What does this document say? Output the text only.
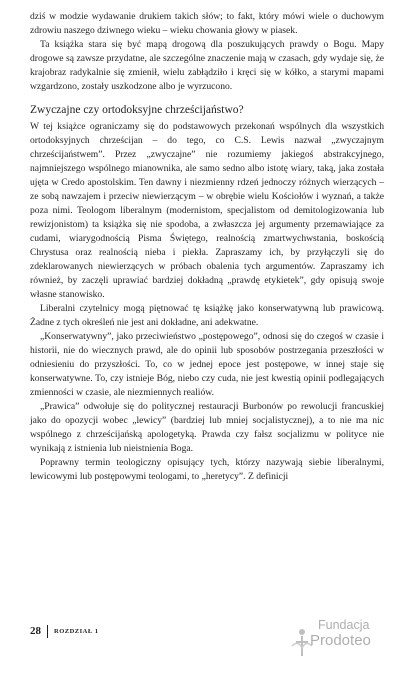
dziś w modzie wydawanie drukiem takich słów; to fakt, który mówi wiele o duchowym zdrowiu naszego dziwnego wieku – wieku chowania głowy w piasek.

Ta książka stara się być mapą drogową dla poszukujących prawdy o Bogu. Mapy drogowe są zawsze przydatne, ale szczególne znaczenie mają w czasach, gdy wydaje się, że krajobraz radykalnie się zmienił, wielu zabłądziło i kręci się w kółko, a starymi mapami wzgardzono, zostały uszkodzone albo je wyrzucono.

Zwyczajne czy ortodoksyjne chrześcijaństwo?

W tej książce ograniczamy się do podstawowych przekonań wspólnych dla wszystkich ortodoksyjnych chrześcijan – do tego, co C.S. Lewis nazwał „zwyczajnym chrześcijaństwem”. Przez „zwyczajne” nie rozumiemy jakiegoś abstrakcyjnego, najmniejszego wspólnego mianownika, ale samo sedno albo istotę wiary, taką, jaka została ujęta w Credo apostolskim. Ten dawny i niezmienny rdzeń jednoczy różnych wierzących – ze sobą nawzajem i przeciw niewierzącym – w obrębie wielu Kościołów i wyznań, a także poza nimi. Teologom liberalnym (modernistom, specjalistom od demitologizowania lub rewizjonistom) ta książka się nie spodoba, a zwłaszcza jej argumenty przemawiające za cudami, wiarygodnością Pisma Świętego, realnością zmartwychwstania, boskością Chrystusa oraz realnością nieba i piekła. Zapraszamy ich, by przyłączyli się do zdeklarowanych niewierzących w próbach obalenia tych argumentów. Zapraszamy ich również, by zaczęli uprawiać bardziej dokładną „prawdę etykietek”, gdy opisują swoje własne stanowisko.

Liberalni czytelnicy mogą piętnować tę książkę jako konserwatywną lub prawicową. Żadne z tych określeń nie jest ani dokładne, ani adekwatne.

„Konserwatywny”, jako przeciwieństwo „postępowego”, odnosi się do czegoś w czasie i historii, nie do wiecznych prawd, ale do opinii lub sposobów postrzegania przeszłości w odniesieniu do przyszłości. To, co w jednej epoce jest postępowe, w innej staje się konserwatywne. To, czy istnieje Bóg, niebo czy cuda, nie jest kwestią opinii podlegających zmienności w czasie, ale niezmiennych realiów.

„Prawica” odwołuje się do politycznej restauracji Burbonów po rewolucji francuskiej jako do opozycji wobec „lewicy” (bardziej lub mniej socjalistycznej), a to nie ma nic wspólnego z chrześcijańską apologetyką. Prawda czy fałsz socjalizmu w polityce nie wynikają z istnienia lub nieistnienia Boga.

Poprawny termin teologiczny opisujący tych, którzy nazywają siebie liberalnymi, lewicowymi lub postępowymi teologami, to „heretycy”. Z definicji

28 ROZDZIAŁ 1	Fundacja
Prodoteo
